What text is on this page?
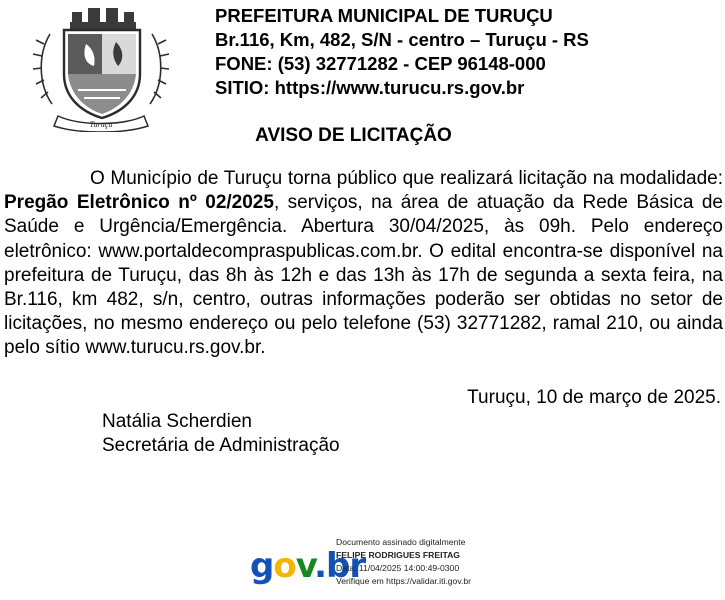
Turuçu
PREFEITURA MUNICIPAL DE TURUÇU
Br.116, Km, 482, S/N - centro – Turuçu - RS
FONE: (53) 32771282 - CEP 96148-000
SITIO: https://www.turucu.rs.gov.br
AVISO DE LICITAÇÃO

O Município de Turuçu torna público que realizará licitação na modalidade: Pregão Eletrônico nº 02/2025, serviços, na área de atuação da Rede Básica de Saúde e Urgência/Emergência. Abertura 30/04/2025, às 09h. Pelo endereço eletrônico: www.portaldecompraspublicas.com.br. O edital encontra-se disponível na prefeitura de Turuçu, das 8h às 12h e das 13h às 17h de segunda a sexta feira, na Br.116, km 482, s/n, centro, outras informações poderão ser obtidas no setor de licitações, no mesmo endereço ou pelo telefone (53) 32771282, ramal 210, ou ainda pelo sítio www.turucu.rs.gov.br.

Turuçu, 10 de março de 2025.
Natália Scherdien
Secretária de Administração
gov.br
Documento assinado digitalmente
FELIPE RODRIGUES FREITAG
Data: 11/04/2025 14:00:49-0300
Verifique em https://validar.iti.gov.br
